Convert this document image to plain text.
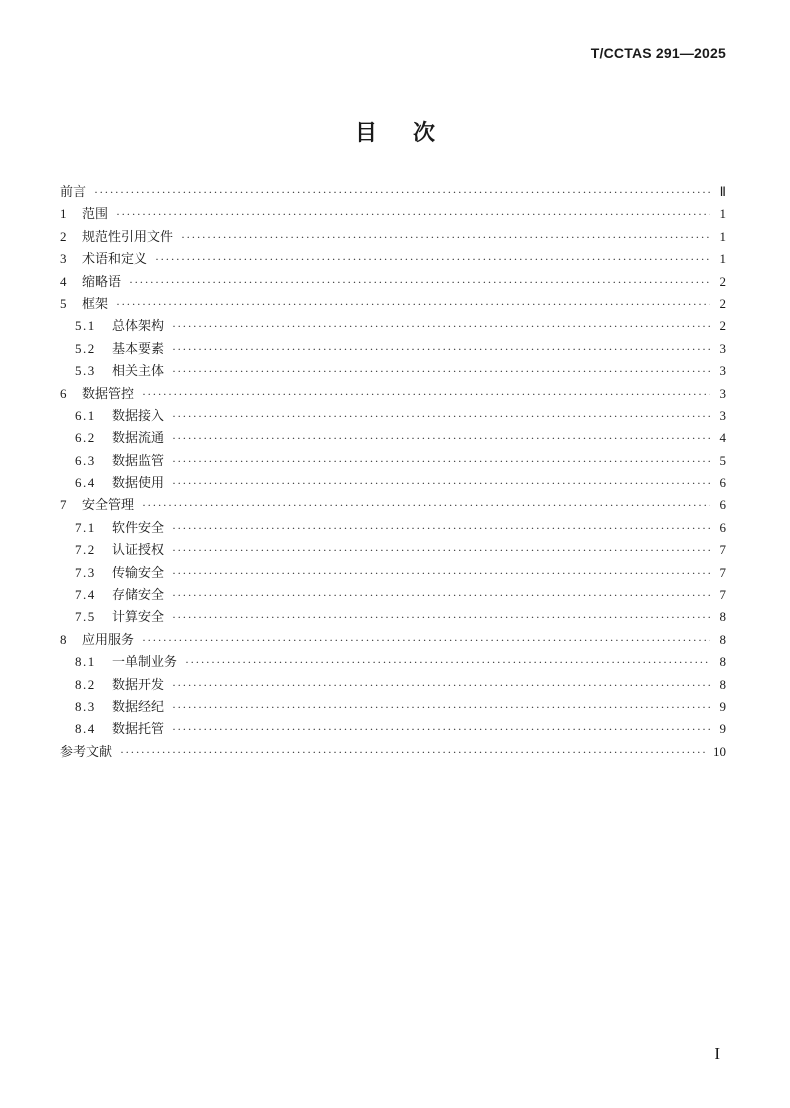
T/CCTAS 291—2025
目次
前言 ·····	Ⅱ
1	范围 ·····	1
2	规范性引用文件 ·····	1
3	术语和定义 ·····	1
4	缩略语 ·····	2
5	框架 ·····	2
5.1	总体架构 ·····	2
5.2	基本要素 ·····	3
5.3	相关主体 ·····	3
6	数据管控 ·····	3
6.1	数据接入 ·····	3
6.2	数据流通 ·····	4
6.3	数据监管 ·····	5
6.4	数据使用 ·····	6
7	安全管理 ·····	6
7.1	软件安全 ·····	6
7.2	认证授权 ·····	7
7.3	传输安全 ·····	7
7.4	存储安全 ·····	7
7.5	计算安全 ·····	8
8	应用服务 ·····	8
8.1	一单制业务 ·····	8
8.2	数据开发 ·····	8
8.3	数据经纪 ·····	9
8.4	数据托管 ·····	9
参考文献 ·····	10
I
